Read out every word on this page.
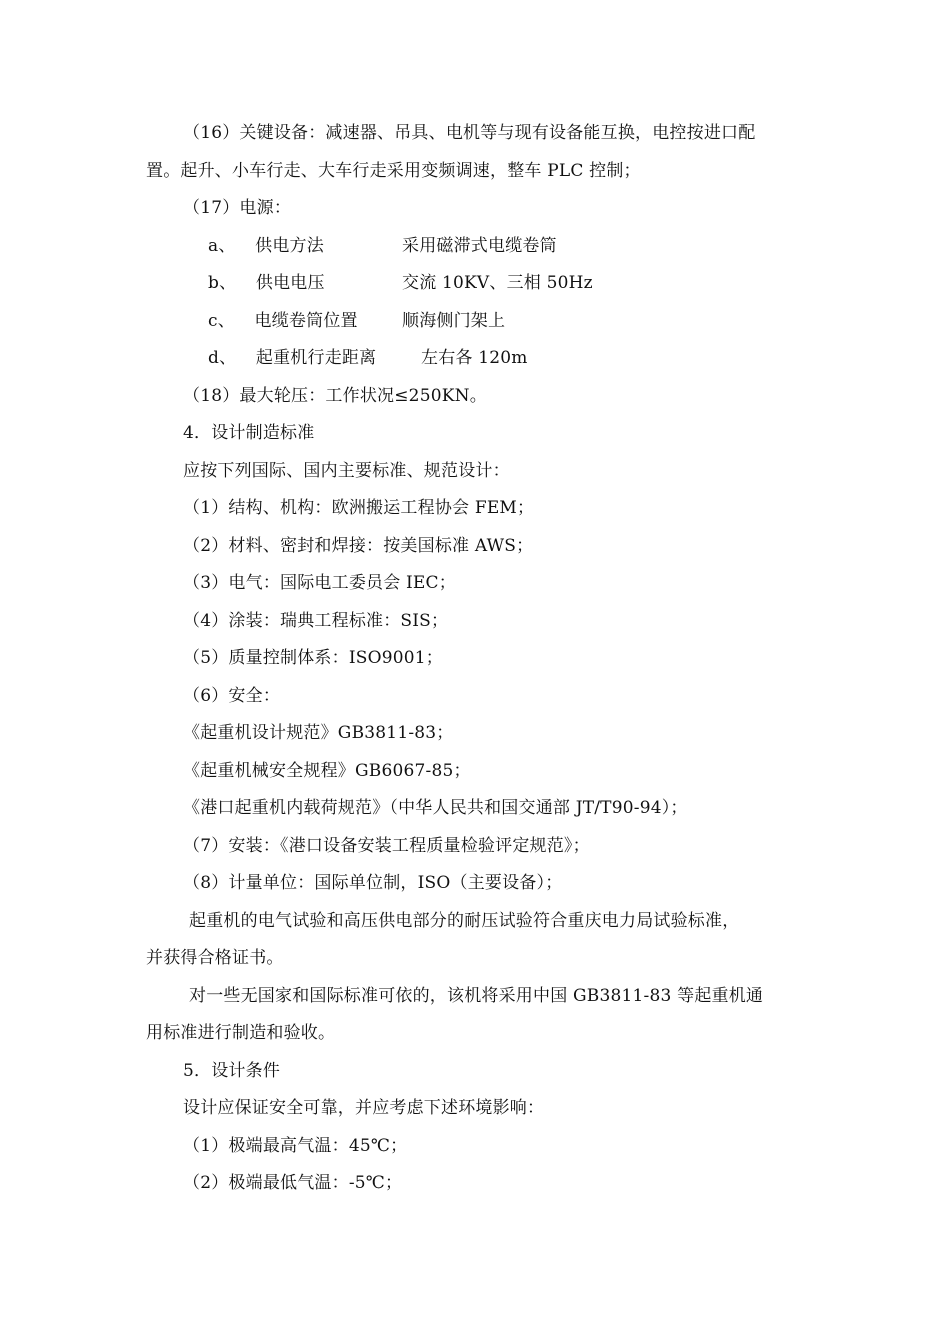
（16）关键设备：减速器、吊具、电机等与现有设备能互换，电控按进口配
置。起升、小车行走、大车行走采用变频调速，整车 PLC 控制；
（17）电源：
a、 供电方法	采用磁滞式电缆卷筒
b、 供电电压	交流 10KV、三相 50Hz
c、 电缆卷筒位置	顺海侧门架上
d、 起重机行走距离	左右各 120m
（18）最大轮压：工作状况≤250KN。
4．设计制造标准
应按下列国际、国内主要标准、规范设计：
（1）结构、机构：欧洲搬运工程协会 FEM；
（2）材料、密封和焊接：按美国标准 AWS；
（3）电气：国际电工委员会 IEC；
（4）涂装：瑞典工程标准：SIS；
（5）质量控制体系：ISO9001；
（6）安全：
《起重机设计规范》GB3811-83；
《起重机械安全规程》GB6067-85；
《港口起重机内载荷规范》（中华人民共和国交通部 JT/T90-94）；
（7）安装：《港口设备安装工程质量检验评定规范》；
（8）计量单位：国际单位制，ISO（主要设备）；
起重机的电气试验和高压供电部分的耐压试验符合重庆电力局试验标准，
并获得合格证书。
对一些无国家和国际标准可依的，该机将采用中国 GB3811-83 等起重机通
用标准进行制造和验收。
5．设计条件
设计应保证安全可靠，并应考虑下述环境影响：
（1）极端最高气温：45℃；
（2）极端最低气温：-5℃；
